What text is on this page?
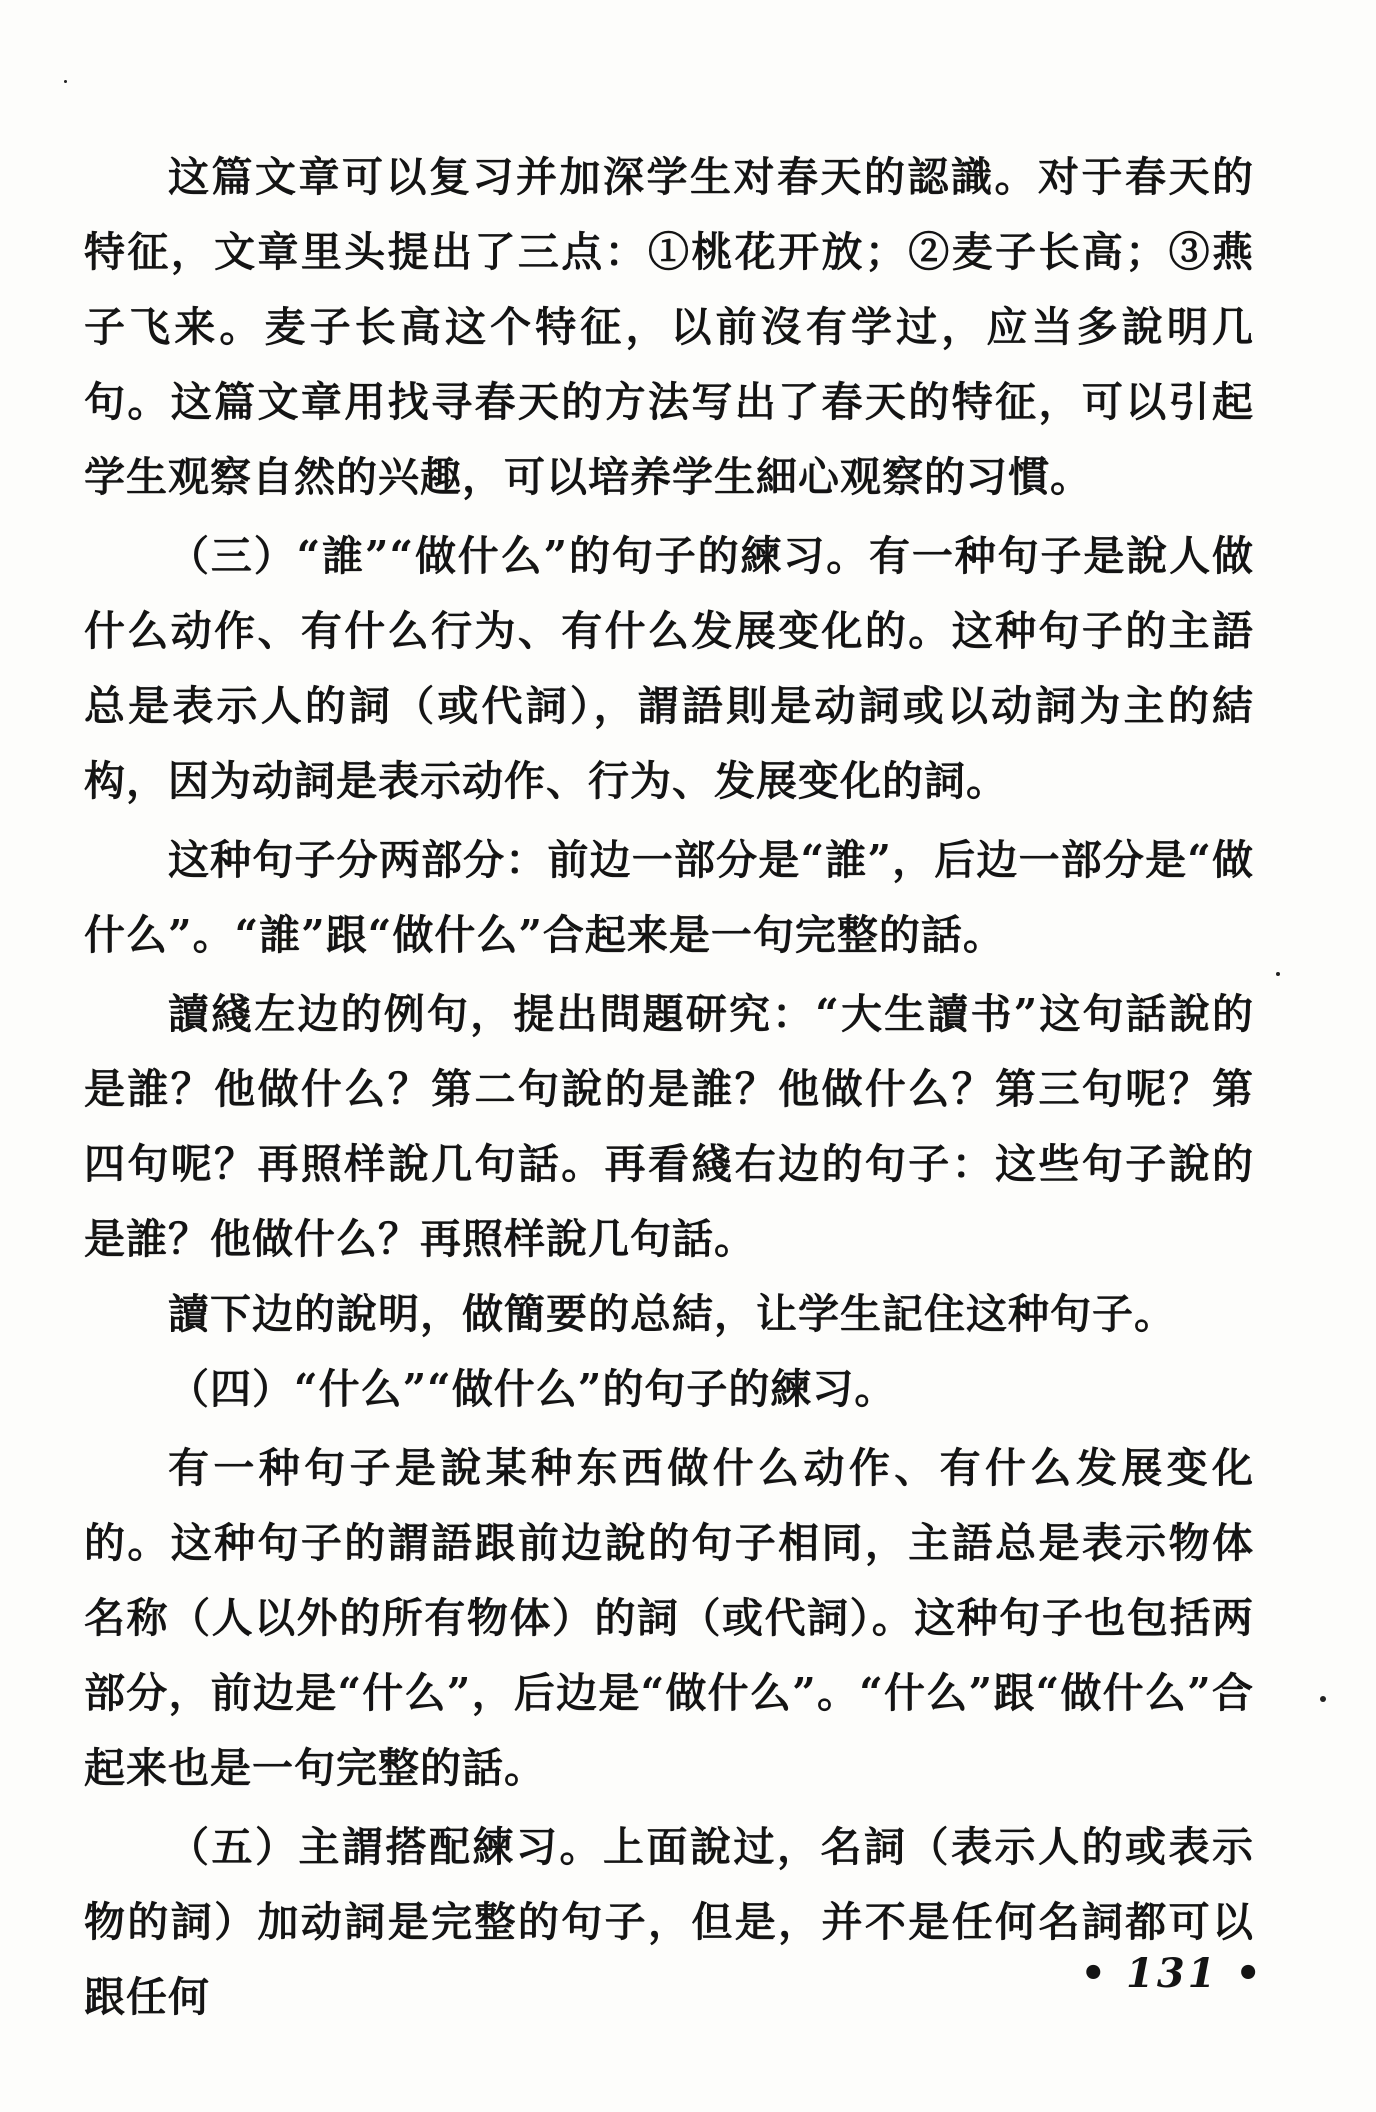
这篇文章可以复习并加深学生对春天的認識。对于春天的特征，文章里头提出了三点：①桃花开放；②麦子长高；③燕子飞来。麦子长高这个特征，以前沒有学过，应当多說明几句。这篇文章用找寻春天的方法写出了春天的特征，可以引起学生观察自然的兴趣，可以培养学生細心观察的习慣。

（三）“誰”“做什么”的句子的練习。有一种句子是說人做什么动作、有什么行为、有什么发展变化的。这种句子的主語总是表示人的詞（或代詞），謂語則是动詞或以动詞为主的結构，因为动詞是表示动作、行为、发展变化的詞。

这种句子分两部分：前边一部分是“誰”，后边一部分是“做什么”。“誰”跟“做什么”合起来是一句完整的話。

讀綫左边的例句，提出問題研究：“大生讀书”这句話說的是誰？他做什么？第二句說的是誰？他做什么？第三句呢？第四句呢？再照样說几句話。再看綫右边的句子：这些句子說的是誰？他做什么？再照样說几句話。

讀下边的說明，做簡要的总結，让学生記住这种句子。

（四）“什么”“做什么”的句子的練习。

有一种句子是說某种东西做什么动作、有什么发展变化的。这种句子的謂語跟前边說的句子相同，主語总是表示物体名称（人以外的所有物体）的詞（或代詞）。这种句子也包括两部分，前边是“什么”，后边是“做什么”。“什么”跟“做什么”合起来也是一句完整的話。

（五）主謂搭配練习。上面說过，名詞（表示人的或表示物的詞）加动詞是完整的句子，但是，并不是任何名詞都可以跟任何	• 131 •
